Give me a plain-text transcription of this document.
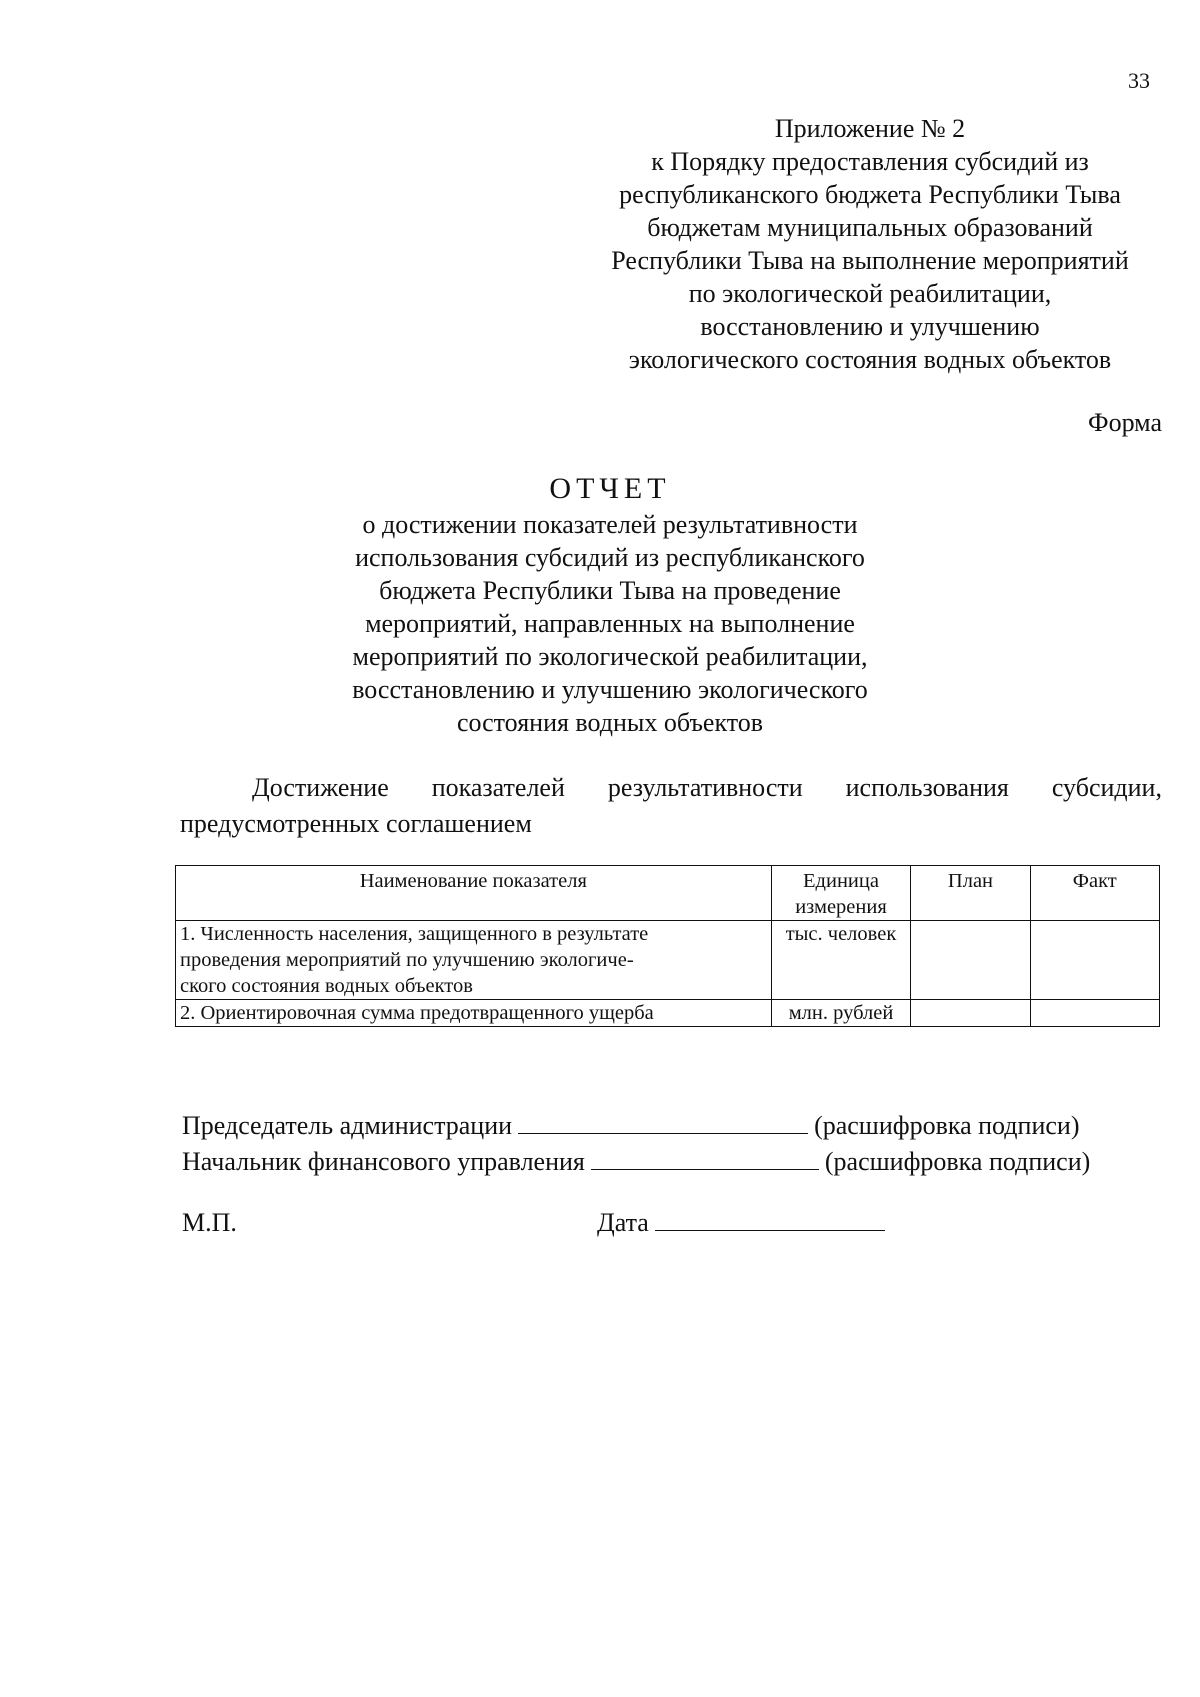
33
Приложение № 2
к Порядку предоставления субсидий из
республиканского бюджета Республики Тыва
бюджетам муниципальных образований
Республики Тыва на выполнение мероприятий
по экологической реабилитации,
восстановлению и улучшению
экологического состояния водных объектов
Форма
ОТЧЕТ
о достижении показателей результативности
использования субсидий из республиканского
бюджета Республики Тыва на проведение
мероприятий, направленных на выполнение
мероприятий по экологической реабилитации,
восстановлению и улучшению экологического
состояния водных объектов
Достижение показателей результативности использования субсидии,
предусмотренных соглашением
Наименование показателя	Единица
измерения	План	Факт

1. Численность населения, защищенного в результате
проведения мероприятий по улучшению экологиче-
ского состояния водных объектов	тыс. человек		

2. Ориентировочная сумма предотвращенного ущерба	млн. рублей		
Председатель администрации	(расшифровка подписи)
Начальник финансового управления	(расшифровка подписи)
М.П.	Дата
